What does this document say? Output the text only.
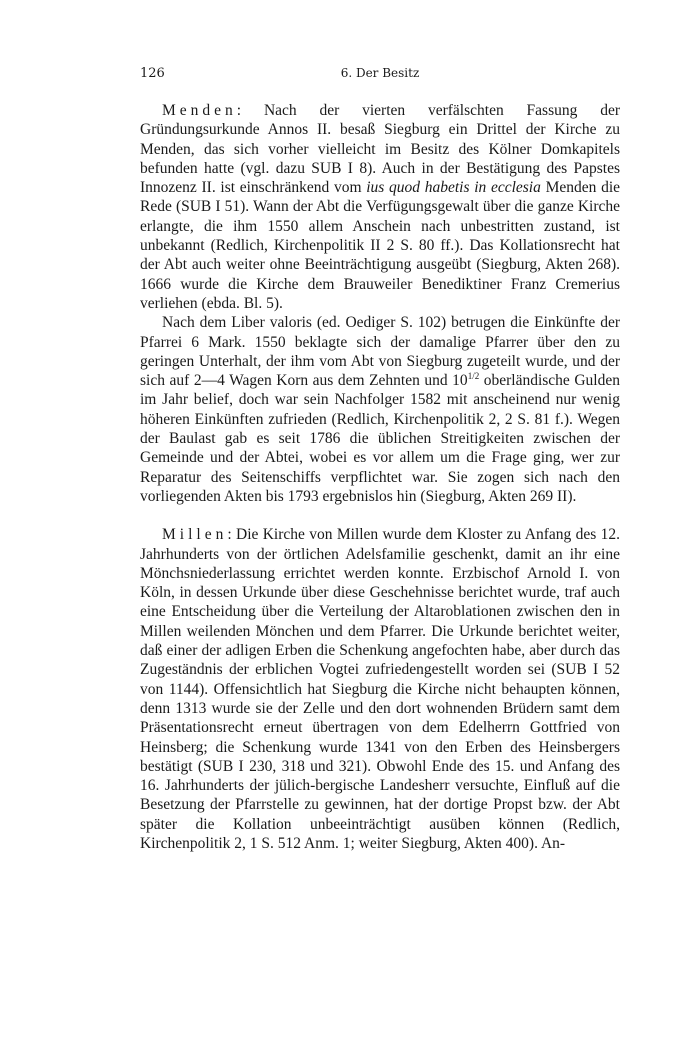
126	6. Der Besitz

Menden: Nach der vierten verfälschten Fassung der Gründungsurkunde Annos II. besaß Siegburg ein Drittel der Kirche zu Menden, das sich vorher vielleicht im Besitz des Kölner Domkapitels befunden hatte (vgl. dazu SUB I 8). Auch in der Bestätigung des Papstes Innozenz II. ist einschränkend vom ius quod habetis in ecclesia Menden die Rede (SUB I 51). Wann der Abt die Verfügungsgewalt über die ganze Kirche erlangte, die ihm 1550 allem Anschein nach unbestritten zustand, ist unbekannt (Redlich, Kirchenpolitik II 2 S. 80 ff.). Das Kollationsrecht hat der Abt auch weiter ohne Beeinträchtigung ausgeübt (Siegburg, Akten 268). 1666 wurde die Kirche dem Brauweiler Benediktiner Franz Cremerius verliehen (ebda. Bl. 5).

Nach dem Liber valoris (ed. Oediger S. 102) betrugen die Einkünfte der Pfarrei 6 Mark. 1550 beklagte sich der damalige Pfarrer über den zu geringen Unterhalt, der ihm vom Abt von Siegburg zugeteilt wurde, und der sich auf 2—4 Wagen Korn aus dem Zehnten und $10^{1/2}$ oberländische Gulden im Jahr belief, doch war sein Nachfolger 1582 mit anscheinend nur wenig höheren Einkünften zufrieden (Redlich, Kirchenpolitik 2, 2 S. 81 f.). Wegen der Baulast gab es seit 1786 die üblichen Streitigkeiten zwischen der Gemeinde und der Abtei, wobei es vor allem um die Frage ging, wer zur Reparatur des Seitenschiffs verpflichtet war. Sie zogen sich nach den vorliegenden Akten bis 1793 ergebnislos hin (Siegburg, Akten 269 II).

Millen: Die Kirche von Millen wurde dem Kloster zu Anfang des 12. Jahrhunderts von der örtlichen Adelsfamilie geschenkt, damit an ihr eine Mönchsniederlassung errichtet werden konnte. Erzbischof Arnold I. von Köln, in dessen Urkunde über diese Geschehnisse berichtet wurde, traf auch eine Entscheidung über die Verteilung der Altaroblationen zwischen den in Millen weilenden Mönchen und dem Pfarrer. Die Urkunde berichtet weiter, daß einer der adligen Erben die Schenkung angefochten habe, aber durch das Zugeständnis der erblichen Vogtei zufriedengestellt worden sei (SUB I 52 von 1144). Offensichtlich hat Siegburg die Kirche nicht behaupten können, denn 1313 wurde sie der Zelle und den dort wohnenden Brüdern samt dem Präsentationsrecht erneut übertragen von dem Edelherrn Gottfried von Heinsberg; die Schenkung wurde 1341 von den Erben des Heinsbergers bestätigt (SUB I 230, 318 und 321). Obwohl Ende des 15. und Anfang des 16. Jahrhunderts der jülich-bergische Landesherr versuchte, Einfluß auf die Besetzung der Pfarrstelle zu gewinnen, hat der dortige Propst bzw. der Abt später die Kollation unbeeinträchtigt ausüben können (Redlich, Kirchenpolitik 2, 1 S. 512 Anm. 1; weiter Siegburg, Akten 400). An-
